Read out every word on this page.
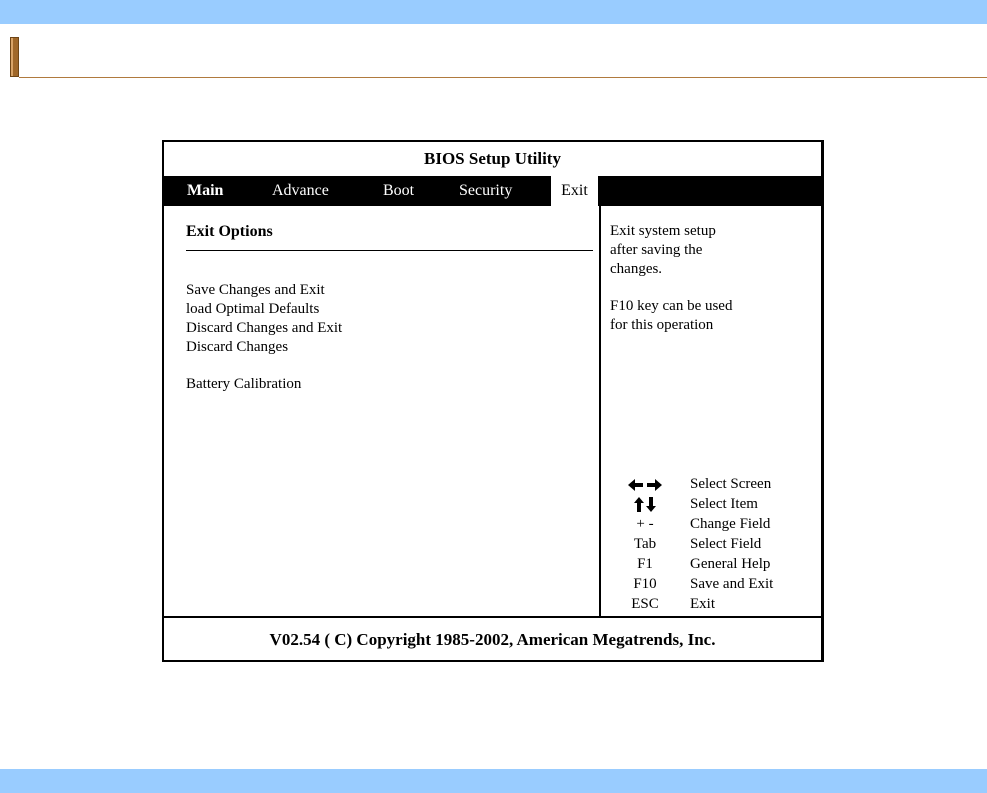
BIOS Setup Utility
Main	Advance	Boot	Security	Exit
Exit Options
Save Changes and Exit
load Optimal Defaults
Discard Changes and Exit
Discard Changes
Battery Calibration

Exit system setup

after saving the

changes.

F10 key can be used

for this operation

Select Screen
Select Item
+ -	Change Field
Tab	Select Field
F1	General Help
F10	Save and Exit
ESC	Exit
V02.54 ( C) Copyright 1985-2002, American Megatrends, Inc.
